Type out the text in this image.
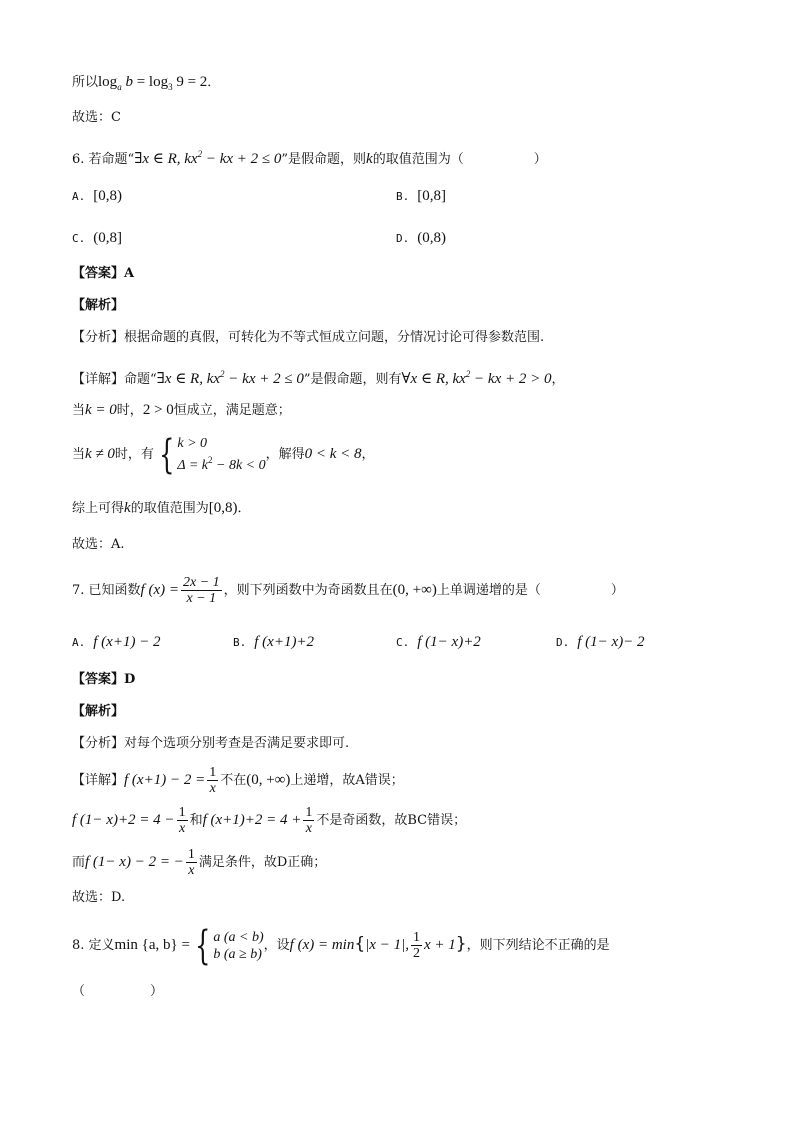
所以$\log_a b = \log_3 9 = 2$．
故选：C
6. 若命题“∃x ∈ R, $kx^2$ − kx + 2 ≤ 0”是假命题，则k的取值范围为（	）
A. [0,8)	B. [0,8]
C. (0,8]	D. (0,8)
【答案】A
【解析】
【分析】根据命题的真假，可转化为不等式恒成立问题，分情况讨论可得参数范围.
【详解】命题“∃x ∈ R, $kx^2$ − kx + 2 ≤ 0”是假命题，则有∀x ∈ R, $kx^2$ − kx + 2 > 0，
当k = 0时，2 > 0恒成立，满足题意；
当k ≠ 0时，有 { k > 0
$\Delta = k^2 - 8k < 0$
，解得0 < k < 8，
综上可得k的取值范围为[0,8)．
故选：A.
7. 已知函数f $(x) = \frac{2x - 1}{x - 1}$ ，则下列函数中为奇函数且在(0, +∞)上单调递增的是（	）
A. f (x+1) − 2	B. f (x+1)+2	C. f (1− x)+2	D. f (1− x)− 2
【答案】D
【解析】
【分析】对每个选项分别考查是否满足要求即可.
【详解】f $(x+1) - 2 = \frac{1}{x}$ 不在(0, +∞)上递增，故A错误；
f $(1- x)+2 = 4 - \frac{1}{x}$ 和f $(x+1)+2 = 4 + \frac{1}{x}$ 不是奇函数，故BC错误；
而f (1− x) − 2 = − $\frac{1}{x}$ 满足条件，故D正确；
故选：D.
8. 定义min {a, b} = { a (a < b)
b (a ≥ b)
，设f (x) = min{|x − 1|, $\frac{1}{2}$ x + 1}，则下列结论不正确的是
（　　　　　）
